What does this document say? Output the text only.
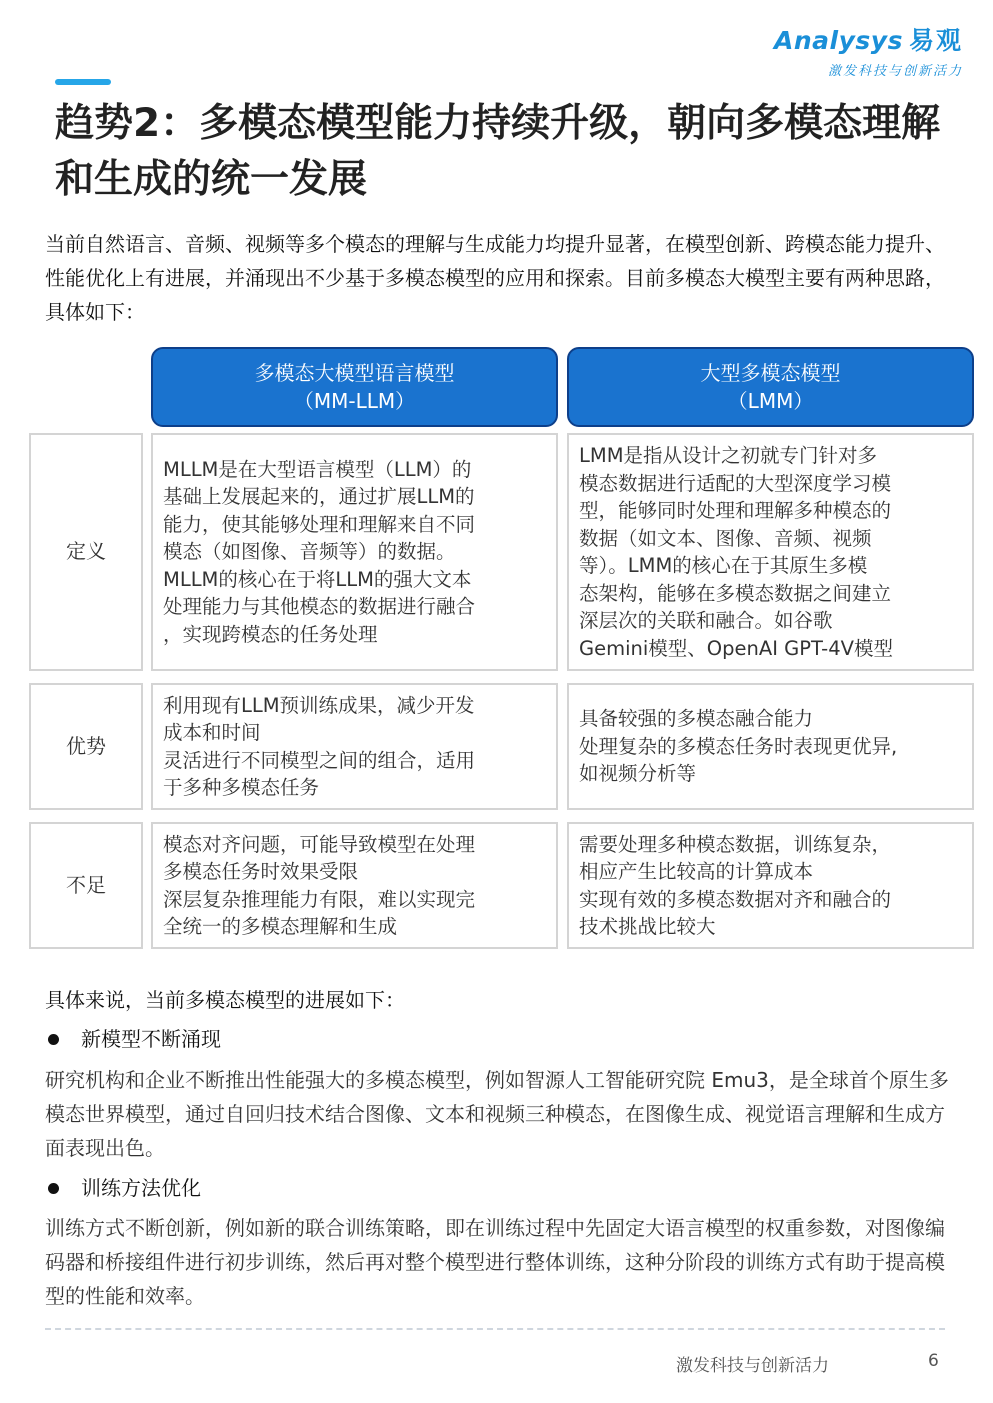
Analysys 易观
激发科技与创新活力
趋势2：多模态模型能力持续升级，朝向多模态理解和生成的统一发展

当前自然语言、音频、视频等多个模态的理解与生成能力均提升显著，在模型创新、跨模态能力提升、性能优化上有进展，并涌现出不少基于多模态模型的应用和探索。目前多模态大模型主要有两种思路，具体如下：

多模态大模型语言模型
（MM-LLM）
大型多模态模型
（LMM）
定义
MLLM是在大型语言模型（LLM）的
基础上发展起来的，通过扩展LLM的
能力，使其能够处理和理解来自不同
模态（如图像、音频等）的数据。
MLLM的核心在于将LLM的强大文本
处理能力与其他模态的数据进行融合
，实现跨模态的任务处理
LMM是指从设计之初就专门针对多
模态数据进行适配的大型深度学习模
型，能够同时处理和理解多种模态的
数据（如文本、图像、音频、视频
等）。LMM的核心在于其原生多模
态架构，能够在多模态数据之间建立
深层次的关联和融合。如谷歌
Gemini模型、OpenAI GPT-4V模型
优势
利用现有LLM预训练成果，减少开发
成本和时间
灵活进行不同模型之间的组合，适用
于多种多模态任务
具备较强的多模态融合能力
处理复杂的多模态任务时表现更优异,
如视频分析等
不足
模态对齐问题，可能导致模型在处理
多模态任务时效果受限
深层复杂推理能力有限，难以实现完
全统一的多模态理解和生成
需要处理多种模态数据，训练复杂，
相应产生比较高的计算成本
实现有效的多模态数据对齐和融合的
技术挑战比较大

具体来说，当前多模态模型的进展如下：

新模型不断涌现

研究机构和企业不断推出性能强大的多模态模型，例如智源人工智能研究院 Emu3，是全球首个原生多模态世界模型，通过自回归技术结合图像、文本和视频三种模态，在图像生成、视觉语言理解和生成方面表现出色。

训练方法优化

训练方式不断创新，例如新的联合训练策略，即在训练过程中先固定大语言模型的权重参数，对图像编码器和桥接组件进行初步训练，然后再对整个模型进行整体训练，这种分阶段的训练方式有助于提高模型的性能和效率。

激发科技与创新活力	6
